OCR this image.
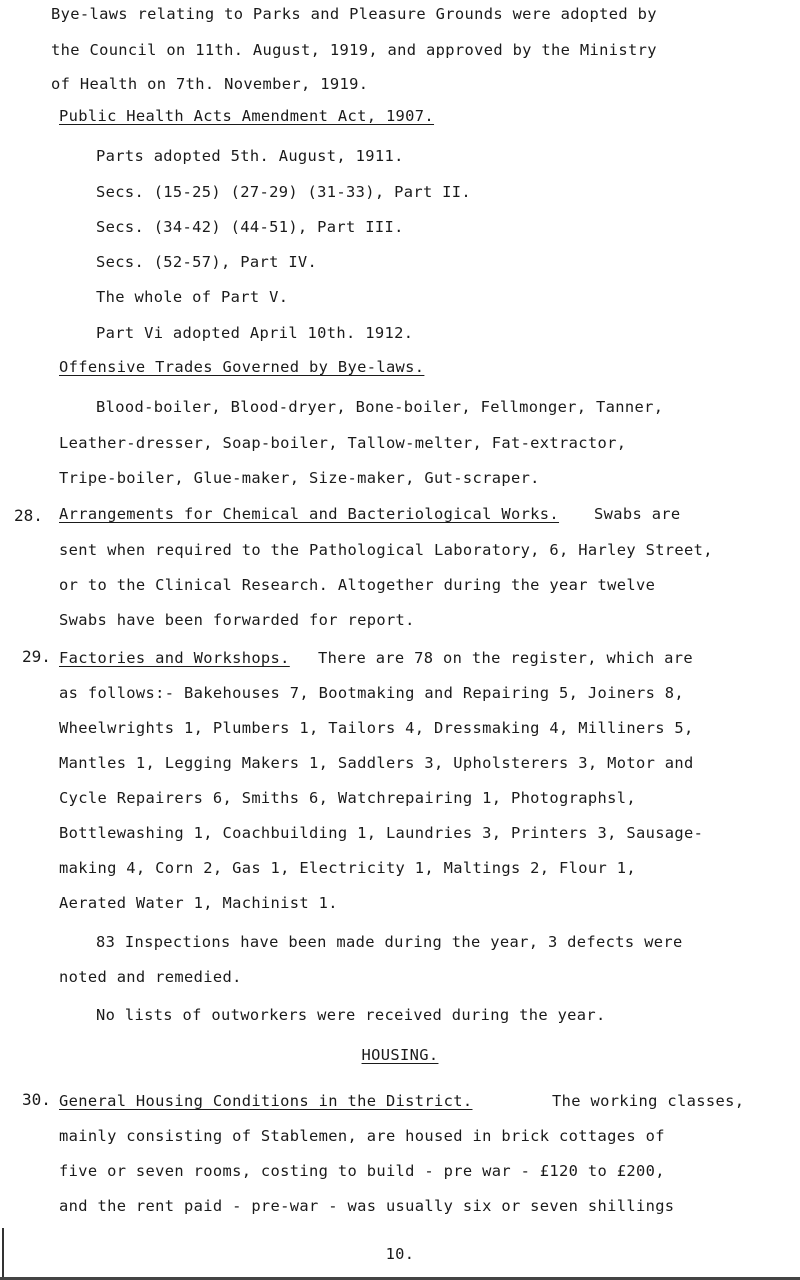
Bye-laws relating to Parks and Pleasure Grounds were adopted by
the Council on 11th. August, 1919, and approved by the Ministry
of Health on 7th. November, 1919.
Public Health Acts Amendment Act, 1907.
Parts adopted 5th. August, 1911.
Secs. (15-25) (27-29) (31-33), Part II.
Secs. (34-42) (44-51), Part III.
Secs. (52-57), Part IV.
The whole of Part V.
Part Vi adopted April 10th. 1912.
Offensive Trades Governed by Bye-laws.
Blood-boiler, Blood-dryer, Bone-boiler, Fellmonger, Tanner,
Leather-dresser, Soap-boiler, Tallow-melter, Fat-extractor,
Tripe-boiler, Glue-maker, Size-maker, Gut-scraper.
28. Arrangements for Chemical and Bacteriological Works. Swabs are
sent when required to the Pathological Laboratory, 6, Harley Street,
or to the Clinical Research. Altogether during the year twelve
Swabs have been forwarded for report.
29. Factories and Workshops. There are 78 on the register, which are
as follows:- Bakehouses 7, Bootmaking and Repairing 5, Joiners 8,
Wheelwrights 1, Plumbers 1, Tailors 4, Dressmaking 4, Milliners 5,
Mantles 1, Legging Makers 1, Saddlers 3, Upholsterers 3, Motor and
Cycle Repairers 6, Smiths 6, Watchrepairing 1, Photographsl,
Bottlewashing 1, Coachbuilding 1, Laundries 3, Printers 3, Sausage-
making 4, Corn 2, Gas 1, Electricity 1, Maltings 2, Flour 1,
Aerated Water 1, Machinist 1.
83 Inspections have been made during the year, 3 defects were
noted and remedied.
No lists of outworkers were received during the year.
HOUSING.
30. General Housing Conditions in the District.	The working classes,
mainly consisting of Stablemen, are housed in brick cottages of
five or seven rooms, costing to build - pre war - £120 to £200,
and the rent paid - pre-war - was usually six or seven shillings
10.
